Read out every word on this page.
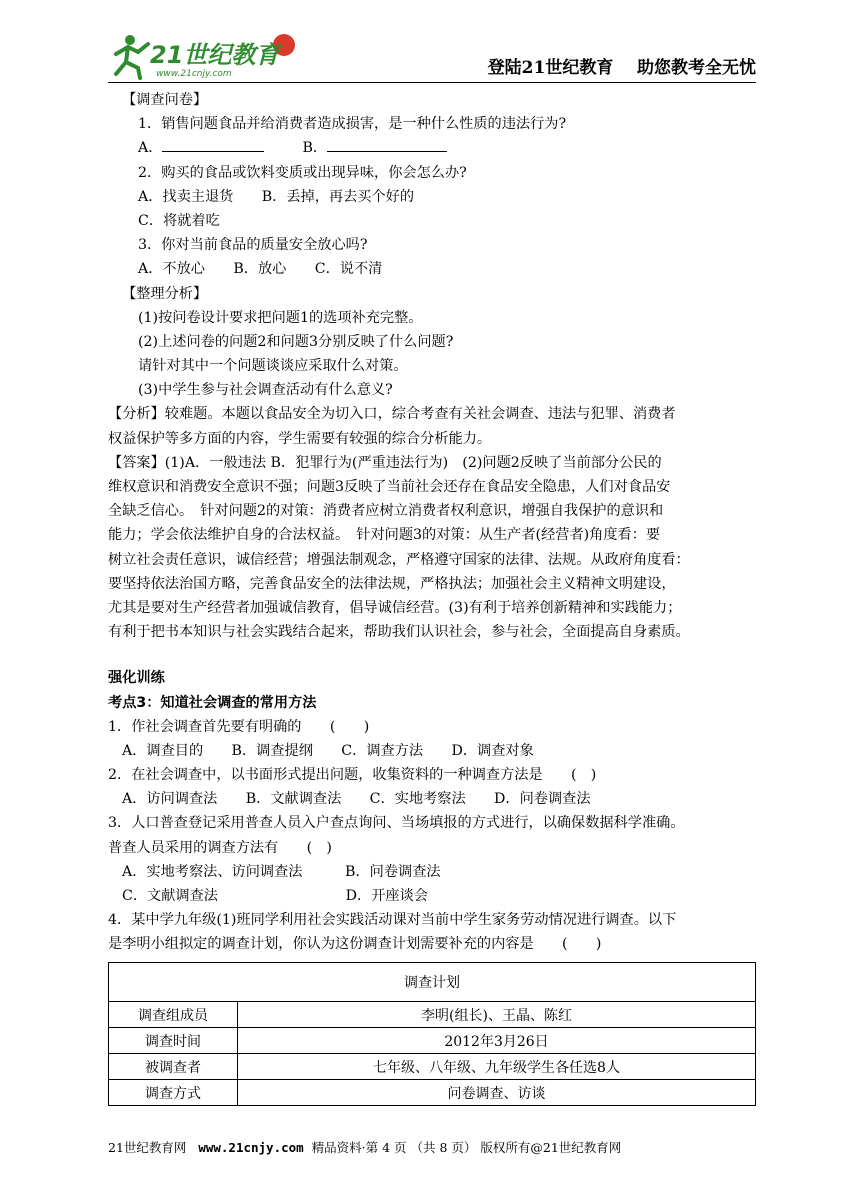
21世纪教育
www.21cnjy.com	登陆21世纪教育    助您教考全无忧
【调查问卷】
1．销售问题食品并给消费者造成损害，是一种什么性质的违法行为?
A．	B．
2．购买的食品或饮料变质或出现异味，你会怎么办?
A．找卖主退货　　B．丢掉，再去买个好的
C．将就着吃
3．你对当前食品的质量安全放心吗?
A．不放心　　B．放心　　C．说不清
【整理分析】
(1)按问卷设计要求把问题1的选项补充完整。
(2)上述问卷的问题2和问题3分别反映了什么问题?
请针对其中一个问题谈谈应采取什么对策。
(3)中学生参与社会调查活动有什么意义?
【分析】较难题。本题以食品安全为切入口，综合考查有关社会调查、违法与犯罪、消费者
权益保护等多方面的内容，学生需要有较强的综合分析能力。
【答案】(1)A．一般违法 B．犯罪行为(严重违法行为)　(2)问题2反映了当前部分公民的
维权意识和消费安全意识不强；问题3反映了当前社会还存在食品安全隐患，人们对食品安
全缺乏信心。　针对问题2的对策：消费者应树立消费者权利意识，增强自我保护的意识和
能力；学会依法维护自身的合法权益。　针对问题3的对策：从生产者(经营者)角度看：要
树立社会责任意识，诚信经营；增强法制观念，严格遵守国家的法律、法规。从政府角度看：
要坚持依法治国方略，完善食品安全的法律法规，严格执法；加强社会主义精神文明建设，
尤其是要对生产经营者加强诚信教育，倡导诚信经营。(3)有利于培养创新精神和实践能力；
有利于把书本知识与社会实践结合起来，帮助我们认识社会，参与社会，全面提高自身素质。
强化训练
考点3：知道社会调查的常用方法
1．作社会调查首先要有明确的　　(　　)
A．调查目的　　B．调查提纲　　C．调查方法　　D．调查对象
2．在社会调查中，以书面形式提出问题，收集资料的一种调查方法是　　(　)
A．访问调查法　　B．文献调查法　　C．实地考察法　　D．问卷调查法
3．人口普查登记采用普查人员入户查点询问、当场填报的方式进行，以确保数据科学准确。
普查人员采用的调查方法有　　(　)
A．实地考察法、访问调查法　　　B．问卷调查法
C．文献调查法　　　　　　　　　D．开座谈会
4．某中学九年级(1)班同学利用社会实践活动课对当前中学生家务劳动情况进行调查。以下
是李明小组拟定的调查计划，你认为这份调查计划需要补充的内容是　　(　　)
调查计划	
调查组成员	李明(组长)、王晶、陈红
调查时间	2012年3月26日
被调查者	七年级、八年级、九年级学生各任选8人
调查方式	问卷调查、访谈
21世纪教育网 www.21cnjy.com 精品资料·第 4 页 （共 8 页） 版权所有@21世纪教育网
